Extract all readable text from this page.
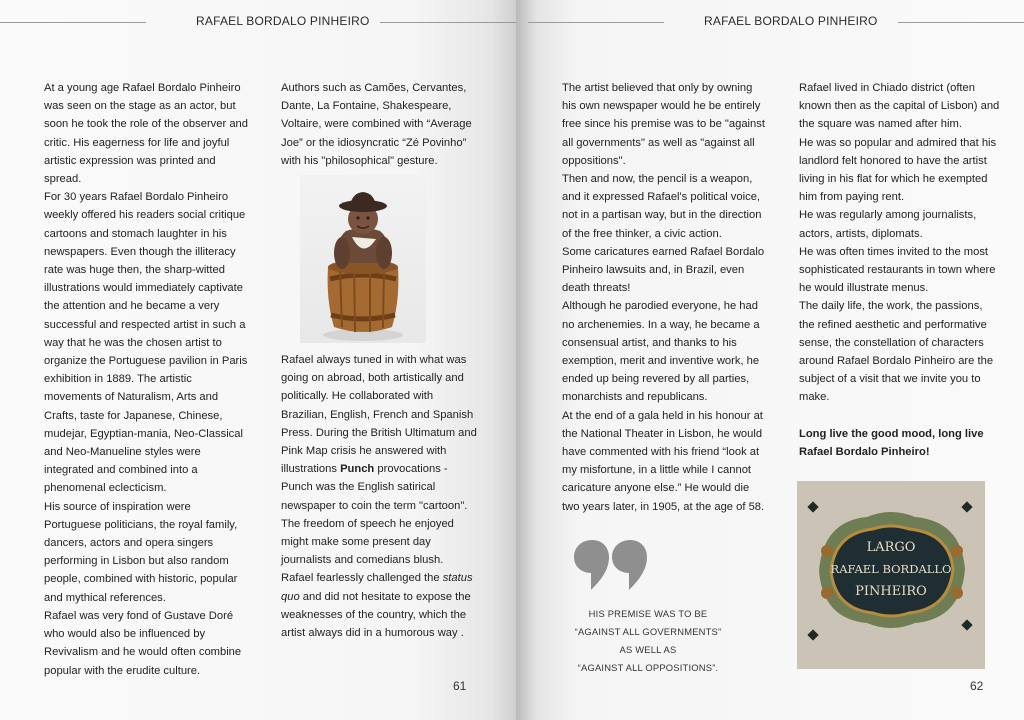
RAFAEL BORDALO PINHEIRO

At a young age Rafael Bordalo Pinheiro was seen on the stage as an actor, but soon he took the role of the observer and critic. His eagerness for life and joyful artistic expression was printed and spread.

For 30 years Rafael Bordalo Pinheiro weekly offered his readers social critique cartoons and stomach laughter in his newspapers. Even though the illiteracy rate was huge then, the sharp-witted illustrations would immediately captivate the attention and he became a very successful and respected artist in such a way that he was the chosen artist to organize the Portuguese pavilion in Paris exhibition in 1889. The artistic movements of Naturalism, Arts and Crafts, taste for Japanese, Chinese, mudejar, Egyptian-mania, Neo-Classical and Neo-Manueline styles were integrated and combined into a phenomenal eclecticism.

His source of inspiration were Portuguese politicians, the royal family, dancers, actors and opera singers performing in Lisbon but also random people, combined with historic, popular and mythical references.

Rafael was very fond of Gustave Doré who would also be influenced by Revivalism and he would often combine popular with the erudite culture.

Authors such as Camões, Cervantes, Dante, La Fontaine, Shakespeare, Voltaire, were combined with “Average Joe” or the idiosyncratic “Zé Povinho” with his "philosophical" gesture.

Rafael always tuned in with what was going on abroad, both artistically and politically. He collaborated with Brazilian, English, French and Spanish Press. During the British Ultimatum and Pink Map crisis he answered with illustrations Punch provocations - Punch was the English satirical newspaper to coin the term "cartoon".

The freedom of speech he enjoyed might make some present day journalists and comedians blush.

Rafael fearlessly challenged the status quo and did not hesitate to expose the weaknesses of the country, which the artist always did in a humorous way .

61
RAFAEL BORDALO PINHEIRO

The artist believed that only by owning his own newspaper would he be entirely free since his premise was to be "against all governments" as well as "against all oppositions".

Then and now, the pencil is a weapon, and it expressed Rafael's political voice, not in a partisan way, but in the direction of the free thinker, a civic action.

Some caricatures earned Rafael Bordalo Pinheiro lawsuits and, in Brazil, even death threats!

Although he parodied everyone, he had no archenemies. In a way, he became a consensual artist, and thanks to his exemption, merit and inventive work, he ended up being revered by all parties, monarchists and republicans.

At the end of a gala held in his honour at the National Theater in Lisbon, he would have commented with his friend “look at my misfortune, in a little while I cannot caricature anyone else.” He would die two years later, in 1905, at the age of 58.

HIS PREMISE WAS TO BE
“AGAINST ALL GOVERNMENTS”
AS WELL AS
“AGAINST ALL OPPOSITIONS”.

Rafael lived in Chiado district (often known then as the capital of Lisbon) and the square was named after him.

He was so popular and admired that his landlord felt honored to have the artist living in his flat for which he exempted him from paying rent.

He was regularly among journalists, actors, artists, diplomats.

He was often times invited to the most sophisticated restaurants in town where he would illustrate menus.

The daily life, the work, the passions, the refined aesthetic and performative sense, the constellation of characters around Rafael Bordalo Pinheiro are the subject of a visit that we invite you to make.

Long live the good mood, long live Rafael Bordalo Pinheiro!

LARGO
RAFAEL BORDALLO
PINHEIRO
62
